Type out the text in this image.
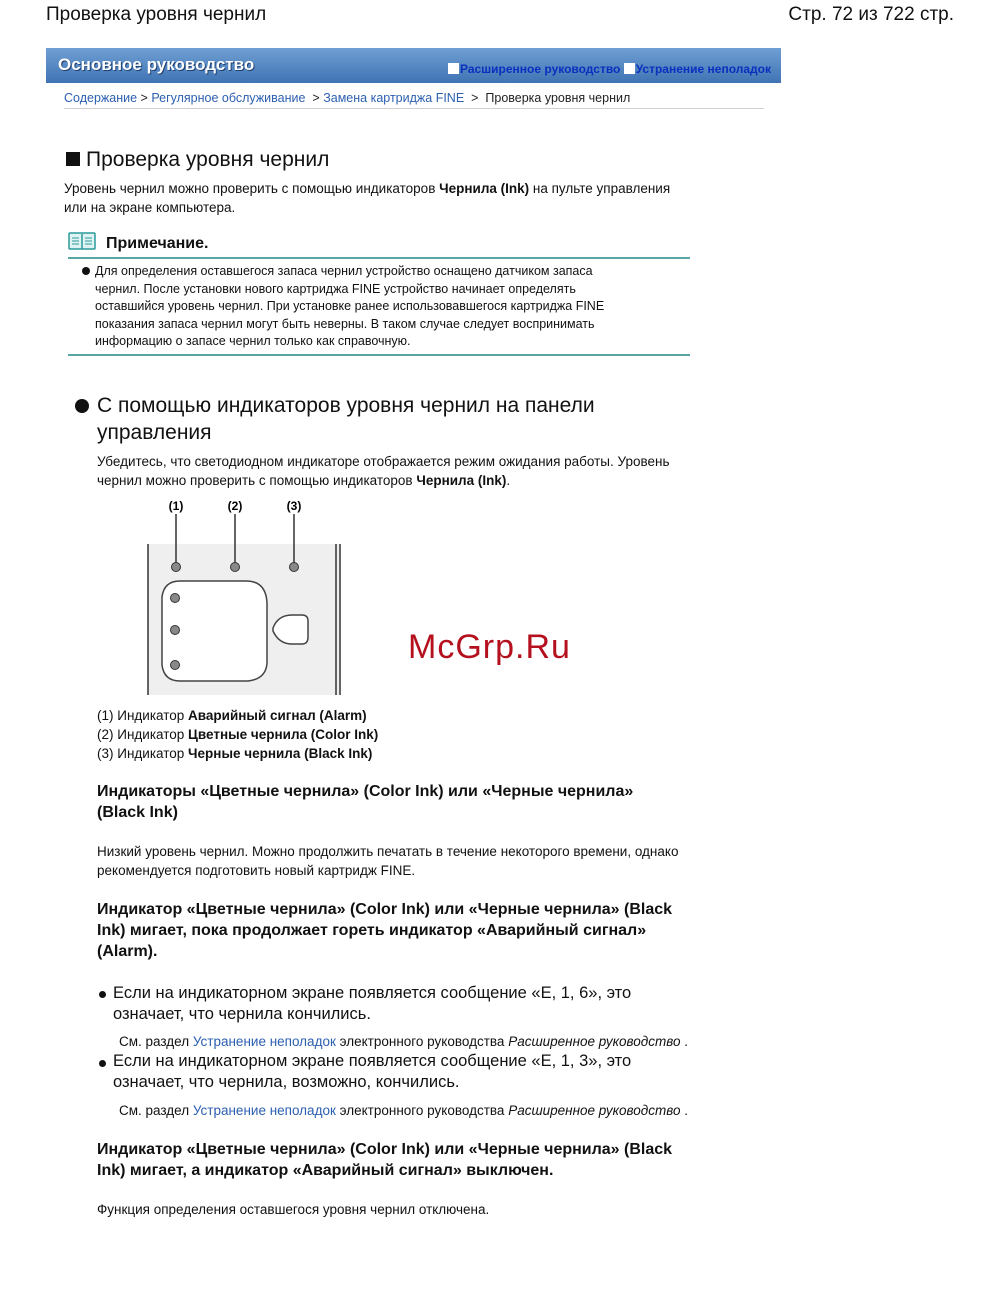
Проверка уровня чернил	Стр. 72 из 722 стр.
Основное руководство	Расширенное руководство Устранение неполадок
Содержание > Регулярное обслуживание > Замена картриджа FINE > Проверка уровня чернил
Проверка уровня чернил
Уровень чернил можно проверить с помощью индикаторов Чернила (Ink) на пульте управления
или на экране компьютера.
Примечание.
Для определения оставшегося запаса чернил устройство оснащено датчиком запаса
чернил. После установки нового картриджа FINE устройство начинает определять
оставшийся уровень чернил. При установке ранее использовавшегося картриджа FINE
показания запаса чернил могут быть неверны. В таком случае следует воспринимать
информацию о запасе чернил только как справочную.
С помощью индикаторов уровня чернил на панели
управления
Убедитесь, что светодиодном индикаторе отображается режим ожидания работы. Уровень
чернил можно проверить с помощью индикаторов Чернила (Ink).
(1)	(2)	(3)
McGrp.Ru
(1) Индикатор Аварийный сигнал (Alarm)
(2) Индикатор Цветные чернила (Color Ink)
(3) Индикатор Черные чернила (Black Ink)
Индикаторы «Цветные чернила» (Color Ink) или «Черные чернила»
(Black Ink)
Низкий уровень чернил. Можно продолжить печатать в течение некоторого времени, однако
рекомендуется подготовить новый картридж FINE.
Индикатор «Цветные чернила» (Color Ink) или «Черные чернила» (Black
Ink) мигает, пока продолжает гореть индикатор «Аварийный сигнал»
(Alarm).
Если на индикаторном экране появляется сообщение «E, 1, 6», это
означает, что чернила кончились.
См. раздел Устранение неполадок электронного руководства Расширенное руководство .
Если на индикаторном экране появляется сообщение «E, 1, 3», это
означает, что чернила, возможно, кончились.
См. раздел Устранение неполадок электронного руководства Расширенное руководство .
Индикатор «Цветные чернила» (Color Ink) или «Черные чернила» (Black
Ink) мигает, а индикатор «Аварийный сигнал» выключен.
Функция определения оставшегося уровня чернил отключена.
